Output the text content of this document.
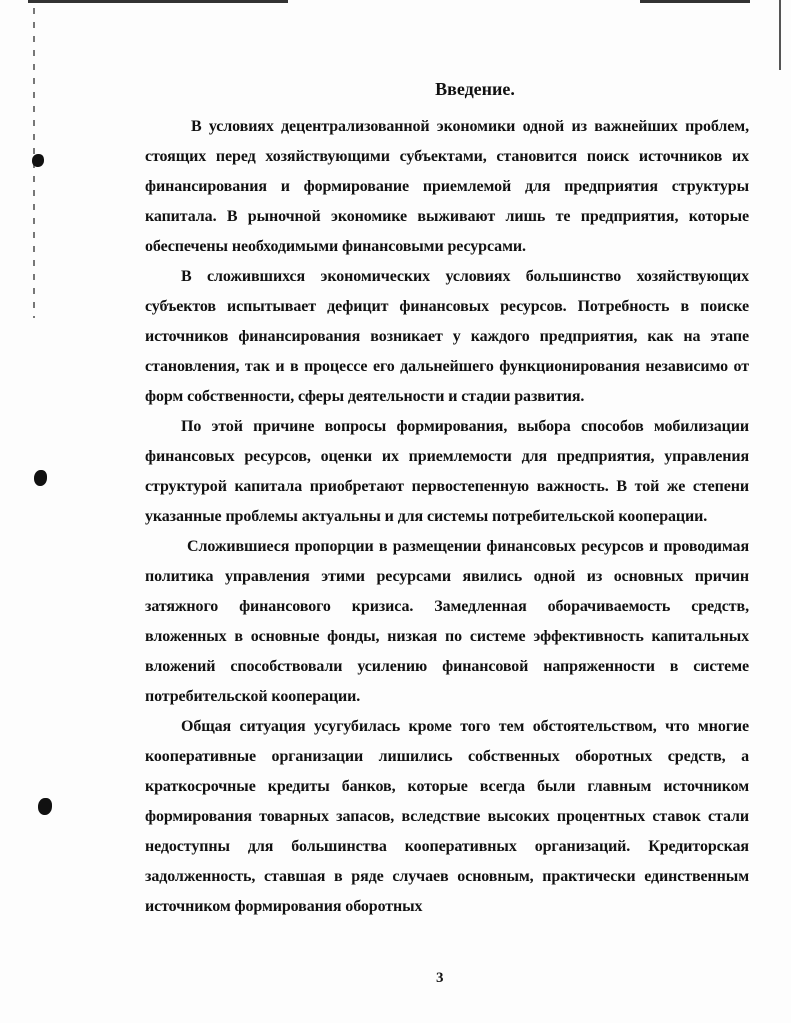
Введение.

В условиях децентрализованной экономики одной из важнейших проблем, стоящих перед хозяйствующими субъектами, становится поиск источников их финансирования и формирование приемлемой для предприятия структуры капитала. В рыночной экономике выживают лишь те предприятия, которые обеспечены необходимыми финансовыми ресурсами.

В сложившихся экономических условиях большинство хозяйствующих субъектов испытывает дефицит финансовых ресурсов. Потребность в поиске источников финансирования возникает у каждого предприятия, как на этапе становления, так и в процессе его дальнейшего функционирования независимо от форм собственности, сферы деятельности и стадии развития.

По этой причине вопросы формирования, выбора способов мобилизации финансовых ресурсов, оценки их приемлемости для предприятия, управления структурой капитала приобретают первостепенную важность. В той же степени указанные проблемы актуальны и для системы потребительской кооперации.

Сложившиеся пропорции в размещении финансовых ресурсов и проводимая политика управления этими ресурсами явились одной из основных причин затяжного финансового кризиса. Замедленная оборачиваемость средств, вложенных в основные фонды, низкая по системе эффективность капитальных вложений способствовали усилению финансовой напряженности в системе потребительской кооперации.

Общая ситуация усугубилась кроме того тем обстоятельством, что многие кооперативные организации лишились собственных оборотных средств, а краткосрочные кредиты банков, которые всегда были главным источником формирования товарных запасов, вследствие высоких процентных ставок стали недоступны для большинства кооперативных организаций. Кредиторская задолженность, ставшая в ряде случаев основным, практически единственным источником формирования оборотных

3
